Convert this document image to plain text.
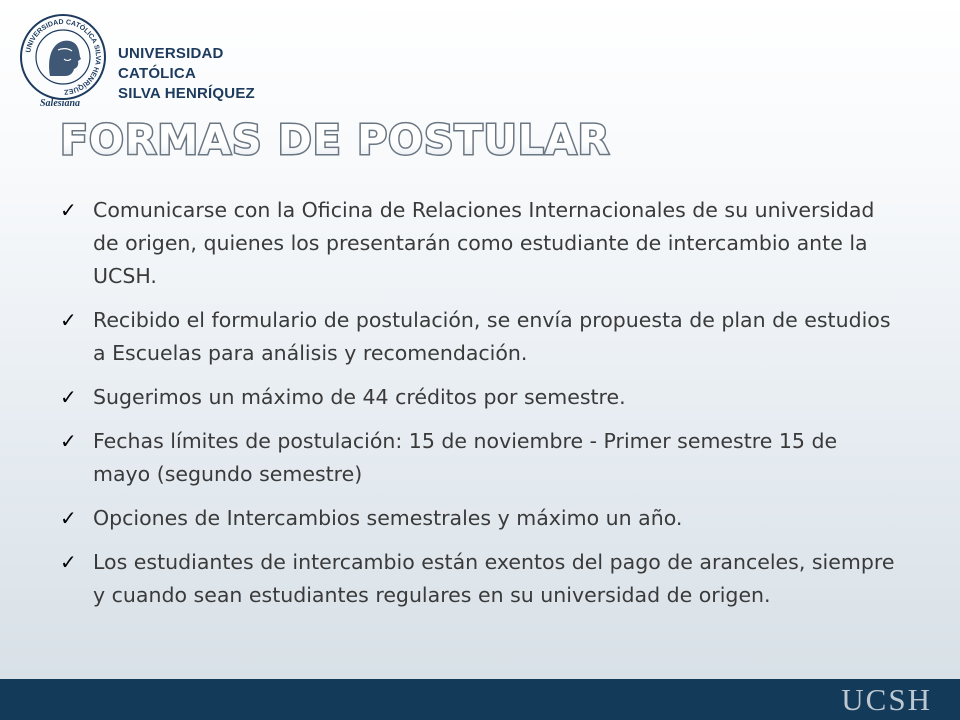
UNIVERSIDAD CATÓLICA SILVA HENRÍQUEZ
UNIVERSIDAD CATÓLICA
SILVA HENRÍQUEZ
Salesiana
FORMAS DE POSTULAR
✓ Comunicarse con la Oficina de Relaciones Internacionales de su universidad de origen, quienes los presentarán como estudiante de intercambio ante la UCSH.
✓ Recibido el formulario de postulación, se envía propuesta de plan de estudios a Escuelas para análisis y recomendación.
✓ Sugerimos un máximo de 44 créditos por semestre.
✓ Fechas límites de postulación: 15 de noviembre - Primer semestre 15 de mayo (segundo semestre)
✓ Opciones de Intercambios semestrales y máximo un año.
✓ Los estudiantes de intercambio están exentos del pago de aranceles, siempre y cuando sean estudiantes regulares en su universidad de origen.
UCSH
